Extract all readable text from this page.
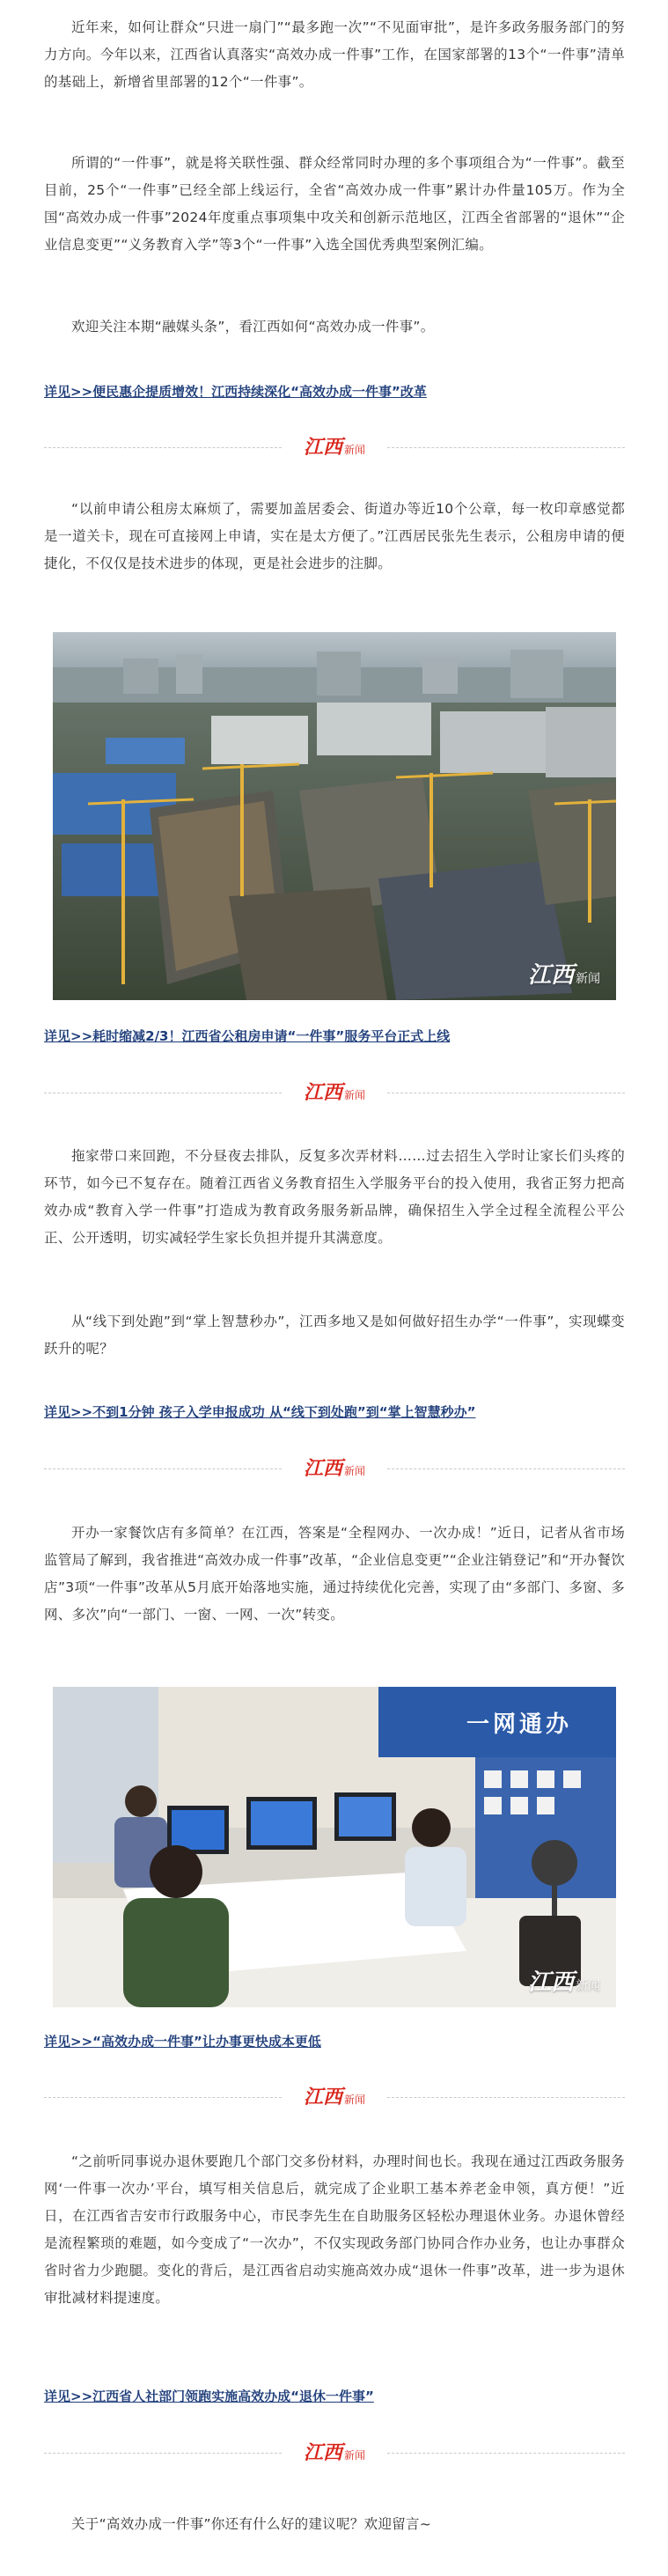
近年来，如何让群众“只进一扇门”“最多跑一次”“不见面审批”，是许多政务服务部门的努力方向。今年以来，江西省认真落实“高效办成一件事”工作，在国家部署的13个“一件事”清单的基础上，新增省里部署的12个“一件事”。

所谓的“一件事”，就是将关联性强、群众经常同时办理的多个事项组合为“一件事”。截至目前，25个“一件事”已经全部上线运行，全省“高效办成一件事”累计办件量105万。作为全国“高效办成一件事”2024年度重点事项集中攻关和创新示范地区，江西全省部署的“退休”“企业信息变更”“义务教育入学”等3个“一件事”入选全国优秀典型案例汇编。

欢迎关注本期“融媒头条”，看江西如何“高效办成一件事”。

详见>>便民惠企提质增效！江西持续深化“高效办成一件事”改革
江西 新闻

“以前申请公租房太麻烦了，需要加盖居委会、街道办等近10个公章，每一枚印章感觉都是一道关卡，现在可直接网上申请，实在是太方便了。”江西居民张先生表示，公租房申请的便捷化，不仅仅是技术进步的体现，更是社会进步的注脚。

江西 新闻
详见>>耗时缩减2/3！江西省公租房申请“一件事”服务平台正式上线
江西 新闻

拖家带口来回跑，不分昼夜去排队，反复多次弄材料……过去招生入学时让家长们头疼的环节，如今已不复存在。随着江西省义务教育招生入学服务平台的投入使用，我省正努力把高效办成“教育入学一件事”打造成为教育政务服务新品牌，确保招生入学全过程全流程公平公正、公开透明，切实减轻学生家长负担并提升其满意度。

从“线下到处跑”到“掌上智慧秒办”，江西多地又是如何做好招生办学“一件事”，实现蝶变跃升的呢？

详见>>不到1分钟 孩子入学申报成功 从“线下到处跑”到“掌上智慧秒办”
江西 新闻

开办一家餐饮店有多简单？在江西，答案是“全程网办、一次办成！”近日，记者从省市场监管局了解到，我省推进“高效办成一件事”改革，“企业信息变更”“企业注销登记”和“开办餐饮店”3项“一件事”改革从5月底开始落地实施，通过持续优化完善，实现了由“多部门、多窗、多网、多次”向“一部门、一窗、一网、一次”转变。

一网通办
江西 新闻
详见>>“高效办成一件事”让办事更快成本更低
江西 新闻

“之前听同事说办退休要跑几个部门交多份材料，办理时间也长。我现在通过江西政务服务网‘一件事一次办’平台，填写相关信息后，就完成了企业职工基本养老金申领，真方便！”近日，在江西省吉安市行政服务中心，市民李先生在自助服务区轻松办理退休业务。办退休曾经是流程繁琐的难题，如今变成了“一次办”，不仅实现政务部门协同合作办业务，也让办事群众省时省力少跑腿。变化的背后，是江西省启动实施高效办成“退休一件事”改革，进一步为退休审批减材料提速度。

详见>>江西省人社部门领跑实施高效办成“退休一件事”
江西 新闻

关于“高效办成一件事”你还有什么好的建议呢？欢迎留言~
